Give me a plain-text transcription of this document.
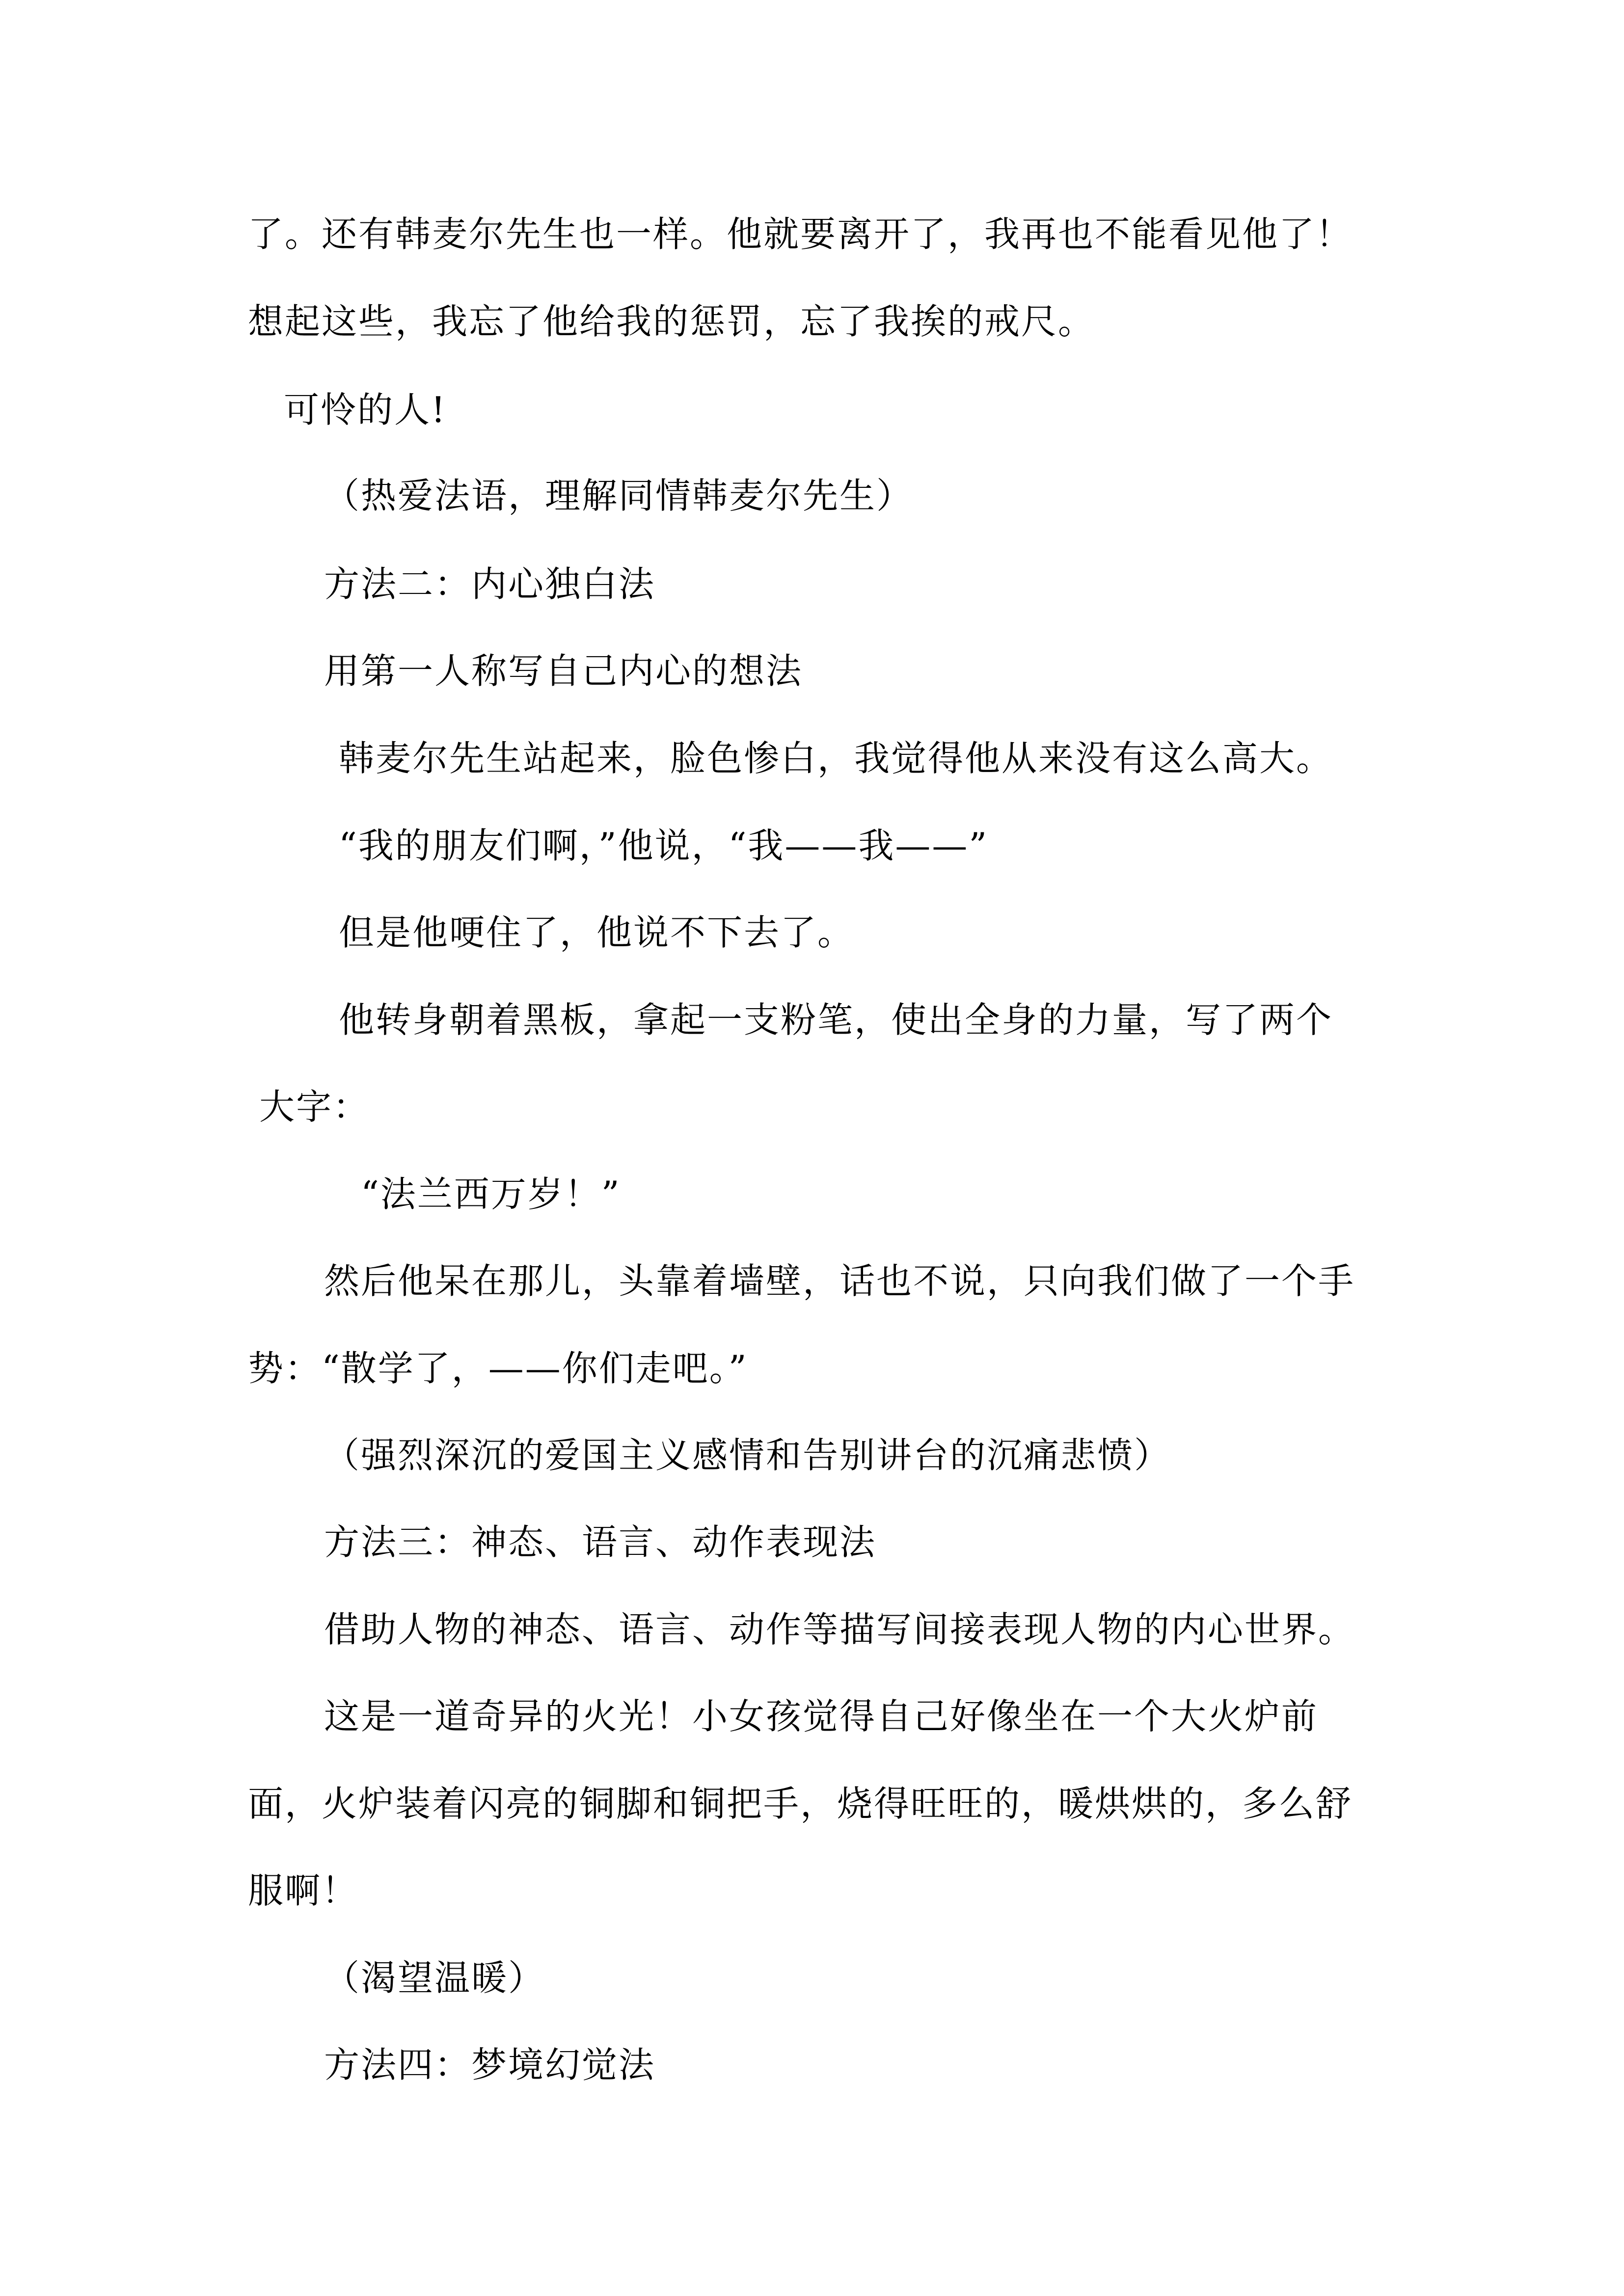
了。还有韩麦尔先生也一样。他就要离开了，我再也不能看见他了！
想起这些，我忘了他给我的惩罚，忘了我挨的戒尺。
可怜的人!
（热爱法语，理解同情韩麦尔先生）
方法二：内心独白法
用第一人称写自己内心的想法
韩麦尔先生站起来，脸色惨白，我觉得他从来没有这么高大。
“我的朋友们啊，”他说，“我——我——”
但是他哽住了，他说不下去了。
他转身朝着黑板，拿起一支粉笔，使出全身的力量，写了两个
大字：
“法兰西万岁！”
然后他呆在那儿，头靠着墙壁，话也不说，只向我们做了一个手
势：“散学了，——你们走吧。”
（强烈深沉的爱国主义感情和告别讲台的沉痛悲愤）
方法三：神态、语言、动作表现法
借助人物的神态、语言、动作等描写间接表现人物的内心世界。
这是一道奇异的火光！小女孩觉得自己好像坐在一个大火炉前
面，火炉装着闪亮的铜脚和铜把手，烧得旺旺的，暖烘烘的，多么舒
服啊！
（渴望温暖）
方法四：梦境幻觉法
